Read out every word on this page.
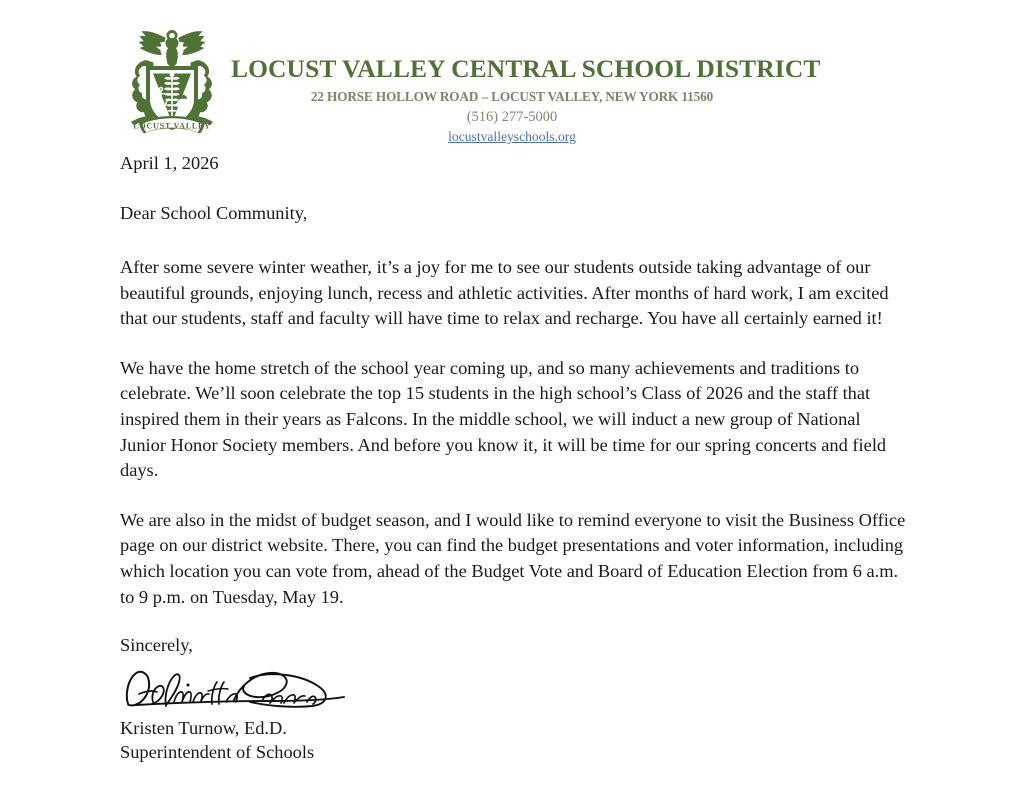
LOCUST VALLEY
LOCUST VALLEY CENTRAL SCHOOL DISTRICT
22 HORSE HOLLOW ROAD – LOCUST VALLEY, NEW YORK 11560
(516) 277-5000
locustvalleyschools.org

April 1, 2026

Dear School Community,

After some severe winter weather, it’s a joy for me to see our students outside taking advantage of our beautiful grounds, enjoying lunch, recess and athletic activities. After months of hard work, I am excited that our students, staff and faculty will have time to relax and recharge. You have all certainly earned it!

We have the home stretch of the school year coming up, and so many achievements and traditions to celebrate. We’ll soon celebrate the top 15 students in the high school’s Class of 2026 and the staff that inspired them in their years as Falcons. In the middle school, we will induct a new group of National Junior Honor Society members. And before you know it, it will be time for our spring concerts and field days.

We are also in the midst of budget season, and I would like to remind everyone to visit the Business Office page on our district website. There, you can find the budget presentations and voter information, including which location you can vote from, ahead of the Budget Vote and Board of Education Election from 6 a.m. to 9 p.m. on Tuesday, May 19.

Sincerely,

Kristen Turnow, Ed.D.

Superintendent of Schools
